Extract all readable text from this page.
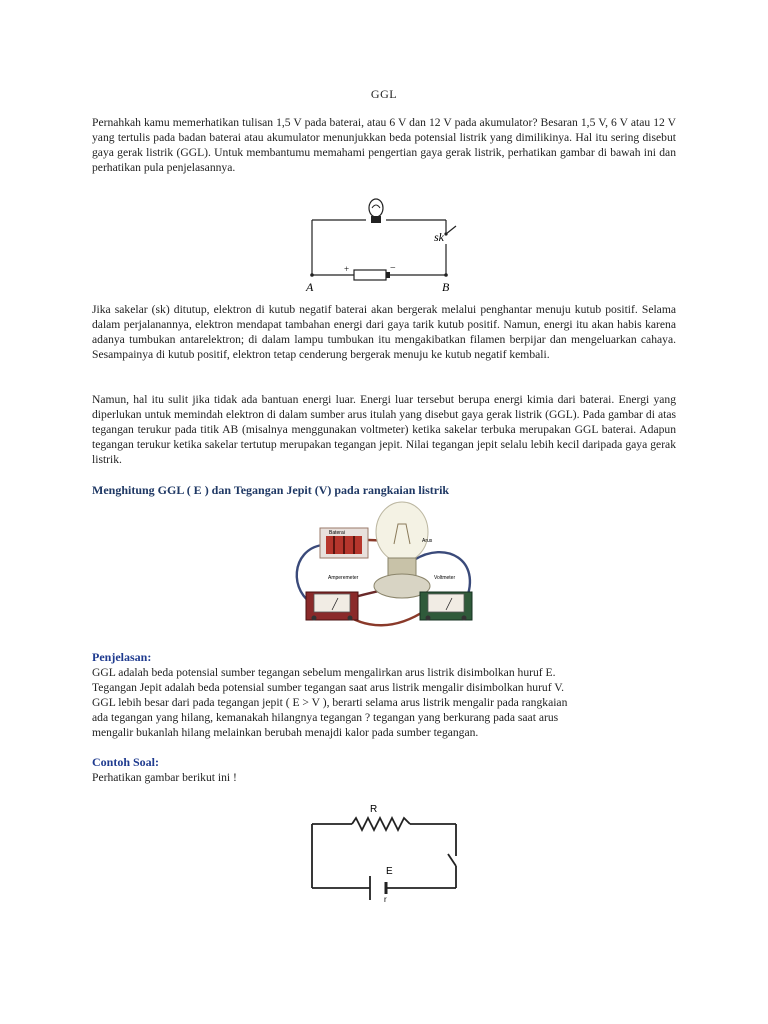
GGL
Pernahkah kamu memerhatikan tulisan 1,5 V pada baterai, atau 6 V dan 12 V pada akumulator? Besaran 1,5 V, 6 V atau 12 V yang tertulis pada badan baterai atau akumulator menunjukkan beda potensial listrik yang dimilikinya. Hal itu sering disebut gaya gerak listrik (GGL). Untuk membantumu memahami pengertian gaya gerak listrik, perhatikan gambar di bawah ini dan perhatikan pula penjelasannya.
+	−
sk
A	B
Jika sakelar (sk) ditutup, elektron di kutub negatif baterai akan bergerak melalui penghantar menuju kutub positif. Selama dalam perjalanannya, elektron mendapat tambahan energi dari gaya tarik kutub positif. Namun, energi itu akan habis karena adanya tumbukan antarelektron; di dalam lampu tumbukan itu mengakibatkan filamen berpijar dan mengeluarkan cahaya. Sesampainya di kutub positif, elektron tetap cenderung bergerak menuju ke kutub negatif kembali.
Namun, hal itu sulit jika tidak ada bantuan energi luar. Energi luar tersebut berupa energi kimia dari baterai. Energi yang diperlukan untuk memindah elektron di dalam sumber arus itulah yang disebut gaya gerak listrik (GGL). Pada gambar di atas tegangan terukur pada titik AB (misalnya menggunakan voltmeter) ketika sakelar terbuka merupakan GGL baterai. Adapun tegangan terukur ketika sakelar tertutup merupakan tegangan jepit. Nilai tegangan jepit selalu lebih kecil daripada gaya gerak listrik.
Menghitung GGL ( E ) dan Tegangan Jepit (V) pada rangkaian listrik
Baterai
Arus
Amperemeter	Voltmeter
Penjelasan:
GGL adalah beda potensial sumber tegangan sebelum mengalirkan arus listrik disimbolkan huruf E.
Tegangan Jepit adalah beda potensial sumber tegangan saat arus listrik mengalir disimbolkan huruf V.
GGL lebih besar dari pada tegangan jepit ( E > V ), berarti selama arus listrik mengalir pada rangkaian
ada tegangan yang hilang, kemanakah hilangnya tegangan ? tegangan yang berkurang pada saat arus
mengalir bukanlah hilang melainkan berubah menajdi kalor pada sumber tegangan.
Contoh Soal:
Perhatikan gambar berikut ini !
R
E
r
